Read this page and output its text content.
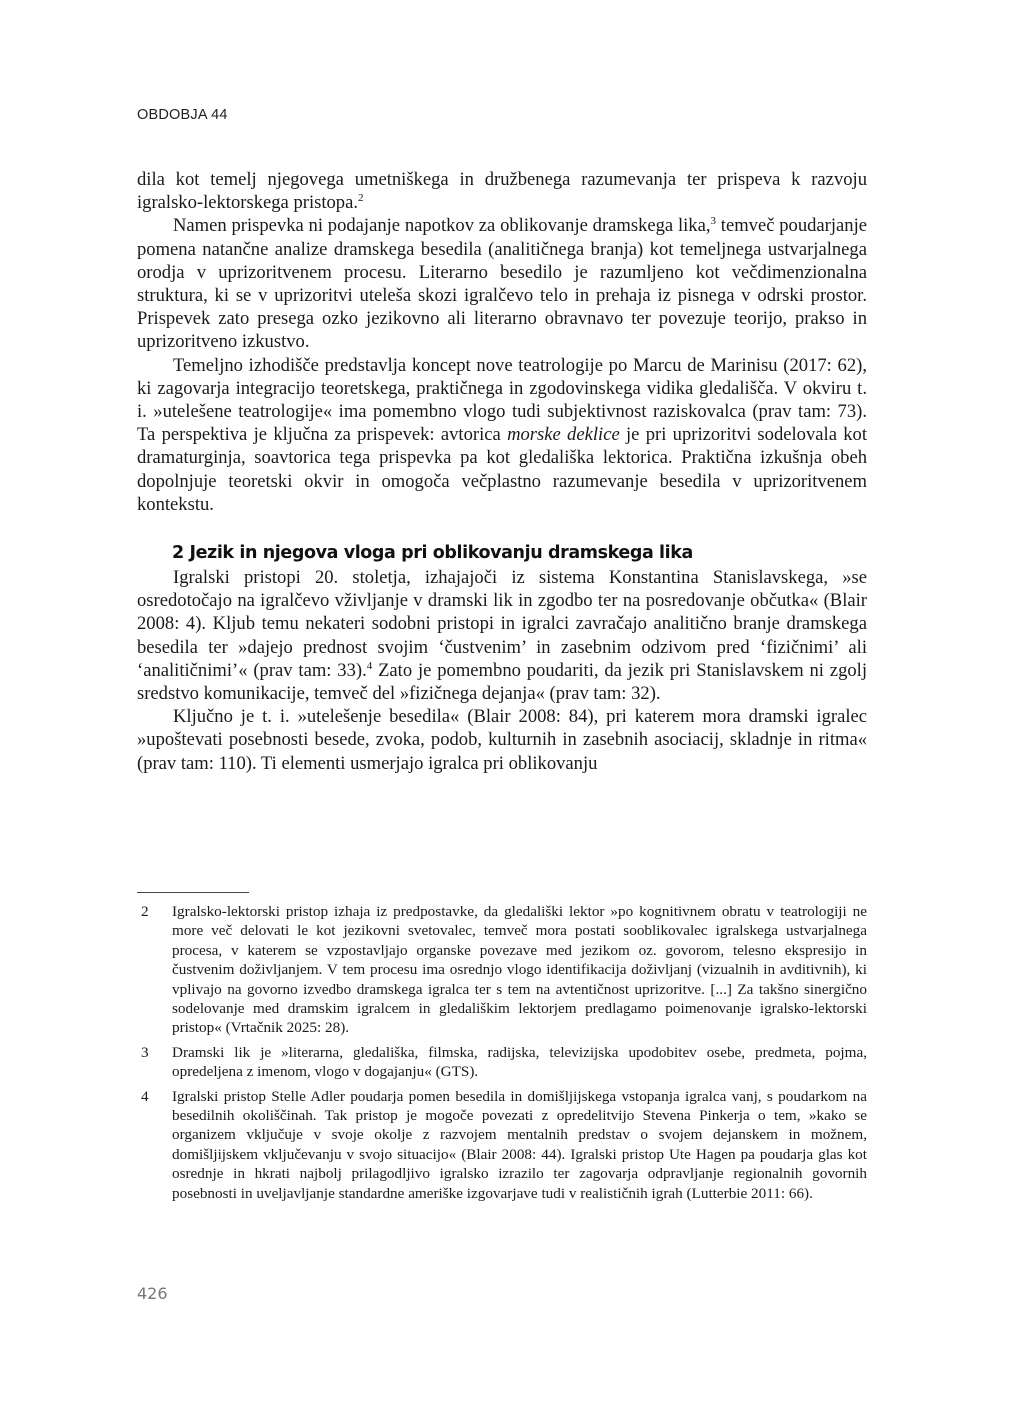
OBDOBJA 44

dila kot temelj njegovega umetniškega in družbenega razumevanja ter prispeva k razvoju igralsko-lektorskega pristopa.$^2$

Namen prispevka ni podajanje napotkov za oblikovanje dramskega lika,$^3$ temveč poudarjanje pomena natančne analize dramskega besedila (analitičnega branja) kot temeljnega ustvarjalnega orodja v uprizoritvenem procesu. Literarno besedilo je razumljeno kot večdimenzionalna struktura, ki se v uprizoritvi uteleša skozi igralčevo telo in prehaja iz pisnega v odrski prostor. Prispevek zato presega ozko jezikovno ali literarno obravnavo ter povezuje teorijo, prakso in uprizoritveno izkustvo.

Temeljno izhodišče predstavlja koncept nove teatrologije po Marcu de Marinisu (2017: 62), ki zagovarja integracijo teoretskega, praktičnega in zgodovinskega vidika gledališča. V okviru t. i. »utelešene teatrologije« ima pomembno vlogo tudi subjektivnost raziskovalca (prav tam: 73). Ta perspektiva je ključna za prispevek: avtorica morske deklice je pri uprizoritvi sodelovala kot dramaturginja, soavtorica tega prispevka pa kot gledališka lektorica. Praktična izkušnja obeh dopolnjuje teoretski okvir in omogoča večplastno razumevanje besedila v uprizoritvenem kontekstu.

2 Jezik in njegova vloga pri oblikovanju dramskega lika

Igralski pristopi 20. stoletja, izhajajoči iz sistema Konstantina Stanislavskega, »se osredotočajo na igralčevo vživljanje v dramski lik in zgodbo ter na posredovanje občutka« (Blair 2008: 4). Kljub temu nekateri sodobni pristopi in igralci zavračajo analitično branje dramskega besedila ter »dajejo prednost svojim ‘čustvenim’ in zasebnim odzivom pred ‘fizičnimi’ ali ‘analitičnimi’« (prav tam: 33).$^4$ Zato je pomembno poudariti, da jezik pri Stanislavskem ni zgolj sredstvo komunikacije, temveč del »fizičnega dejanja« (prav tam: 32).

Ključno je t. i. »utelešenje besedila« (Blair 2008: 84), pri katerem mora dramski igralec »upoštevati posebnosti besede, zvoka, podob, kulturnih in zasebnih asociacij, skladnje in ritma« (prav tam: 110). Ti elementi usmerjajo igralca pri oblikovanju

2	Igralsko-lektorski pristop izhaja iz predpostavke, da gledališki lektor »po kognitivnem obratu v teatrologiji ne more več delovati le kot jezikovni svetovalec, temveč mora postati sooblikovalec igralskega ustvarjalnega procesa, v katerem se vzpostavljajo organske povezave med jezikom oz. govorom, telesno ekspresijo in čustvenim doživljanjem. V tem procesu ima osrednjo vlogo identifikacija doživljanj (vizualnih in avditivnih), ki vplivajo na govorno izvedbo dramskega igralca ter s tem na avtentičnost uprizoritve. [...] Za takšno sinergično sodelovanje med dramskim igralcem in gledališkim lektorjem predlagamo poimenovanje igralsko-lektorski pristop« (Vrtačnik 2025: 28).
3	Dramski lik je »literarna, gledališka, filmska, radijska, televizijska upodobitev osebe, predmeta, pojma, opredeljena z imenom, vlogo v dogajanju« (GTS).
4	Igralski pristop Stelle Adler poudarja pomen besedila in domišljijskega vstopanja igralca vanj, s poudarkom na besedilnih okoliščinah. Tak pristop je mogoče povezati z opredelitvijo Stevena Pinkerja o tem, »kako se organizem vključuje v svoje okolje z razvojem mentalnih predstav o svojem dejanskem in možnem, domišljijskem vključevanju v svojo situacijo« (Blair 2008: 44). Igralski pristop Ute Hagen pa poudarja glas kot osrednje in hkrati najbolj prilagodljivo igralsko izrazilo ter zagovarja odpravljanje regionalnih govornih posebnosti in uveljavljanje standardne ameriške izgovarjave tudi v realističnih igrah (Lutterbie 2011: 66).
426
